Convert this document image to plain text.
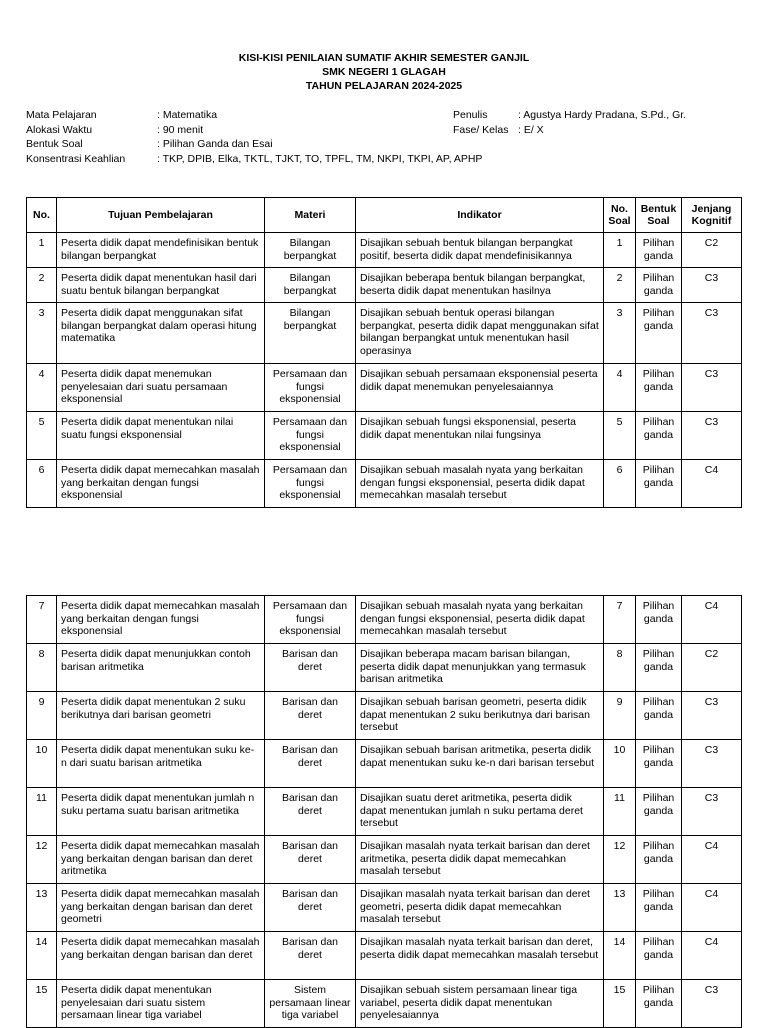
KISI-KISI PENILAIAN SUMATIF AKHIR SEMESTER GANJIL
SMK NEGERI 1 GLAGAH
TAHUN PELAJARAN 2024-2025
Mata Pelajaran	: Matematika
Alokasi Waktu	: 90 menit
Bentuk Soal	: Pilihan Ganda dan Esai
Konsentrasi Keahlian	: TKP, DPIB, Elka, TKTL, TJKT, TO, TPFL, TM, NKPI, TKPI, AP, APHP
Penulis	: Agustya Hardy Pradana, S.Pd., Gr.
Fase/ Kelas : E/ X
No.	Tujuan Pembelajaran	Materi	Indikator	No. Soal	Bentuk Soal	Jenjang Kognitif
1	Peserta didik dapat mendefinisikan bentuk bilangan berpangkat	Bilangan berpangkat	Disajikan sebuah bentuk bilangan berpangkat positif, beserta didik dapat mendefinisikannya	1	Pilihan ganda	C2
2	Peserta didik dapat menentukan hasil dari suatu bentuk bilangan berpangkat	Bilangan berpangkat	Disajikan beberapa bentuk bilangan berpangkat, beserta didik dapat menentukan hasilnya	2	Pilihan ganda	C3
3	Peserta didik dapat menggunakan sifat bilangan berpangkat dalam operasi hitung matematika	Bilangan berpangkat	Disajikan sebuah bentuk operasi bilangan berpangkat, peserta didik dapat menggunakan sifat bilangan berpangkat untuk menentukan hasil operasinya	3	Pilihan ganda	C3
4	Peserta didik dapat menemukan penyelesaian dari suatu persamaan eksponensial	Persamaan dan fungsi eksponensial	Disajikan sebuah persamaan eksponensial peserta didik dapat menemukan penyelesaiannya	4	Pilihan ganda	C3
5	Peserta didik dapat menentukan nilai suatu fungsi eksponensial	Persamaan dan fungsi eksponensial	Disajikan sebuah fungsi eksponensial, peserta didik dapat menentukan nilai fungsinya	5	Pilihan ganda	C3
6	Peserta didik dapat memecahkan masalah yang berkaitan dengan fungsi eksponensial	Persamaan dan fungsi eksponensial	Disajikan sebuah masalah nyata yang berkaitan dengan fungsi eksponensial, peserta didik dapat memecahkan masalah tersebut	6	Pilihan ganda	C4
7	Peserta didik dapat memecahkan masalah yang berkaitan dengan fungsi eksponensial	Persamaan dan fungsi eksponensial	Disajikan sebuah masalah nyata yang berkaitan dengan fungsi eksponensial, peserta didik dapat memecahkan masalah tersebut	7	Pilihan ganda	C4
8	Peserta didik dapat menunjukkan contoh barisan aritmetika	Barisan dan deret	Disajikan beberapa macam barisan bilangan, peserta didik dapat menunjukkan yang termasuk barisan aritmetika	8	Pilihan ganda	C2
9	Peserta didik dapat menentukan 2 suku berikutnya dari barisan geometri	Barisan dan deret	Disajikan sebuah barisan geometri, peserta didik dapat menentukan 2 suku berikutnya dari barisan tersebut	9	Pilihan ganda	C3
10	Peserta didik dapat menentukan suku ke-n dari suatu barisan aritmetika	Barisan dan deret	Disajikan sebuah barisan aritmetika, peserta didik dapat menentukan suku ke-n dari barisan tersebut	10	Pilihan ganda	C3
11	Peserta didik dapat menentukan jumlah n suku pertama suatu barisan aritmetika	Barisan dan deret	Disajikan suatu deret aritmetika, peserta didik dapat menentukan jumlah n suku pertama deret tersebut	11	Pilihan ganda	C3
12	Peserta didik dapat memecahkan masalah yang berkaitan dengan barisan dan deret aritmetika	Barisan dan deret	Disajikan masalah nyata terkait barisan dan deret aritmetika, peserta didik dapat memecahkan masalah tersebut	12	Pilihan ganda	C4
13	Peserta didik dapat memecahkan masalah yang berkaitan dengan barisan dan deret geometri	Barisan dan deret	Disajikan masalah nyata terkait barisan dan deret geometri, peserta didik dapat memecahkan masalah tersebut	13	Pilihan ganda	C4
14	Peserta didik dapat memecahkan masalah yang berkaitan dengan barisan dan deret	Barisan dan deret	Disajikan masalah nyata terkait barisan dan deret, peserta didik dapat memecahkan masalah tersebut	14	Pilihan ganda	C4
15	Peserta didik dapat menentukan penyelesaian dari suatu sistem persamaan linear tiga variabel	Sistem persamaan linear tiga variabel	Disajikan sebuah sistem persamaan linear tiga variabel, peserta didik dapat menentukan penyelesaiannya	15	Pilihan ganda	C3
